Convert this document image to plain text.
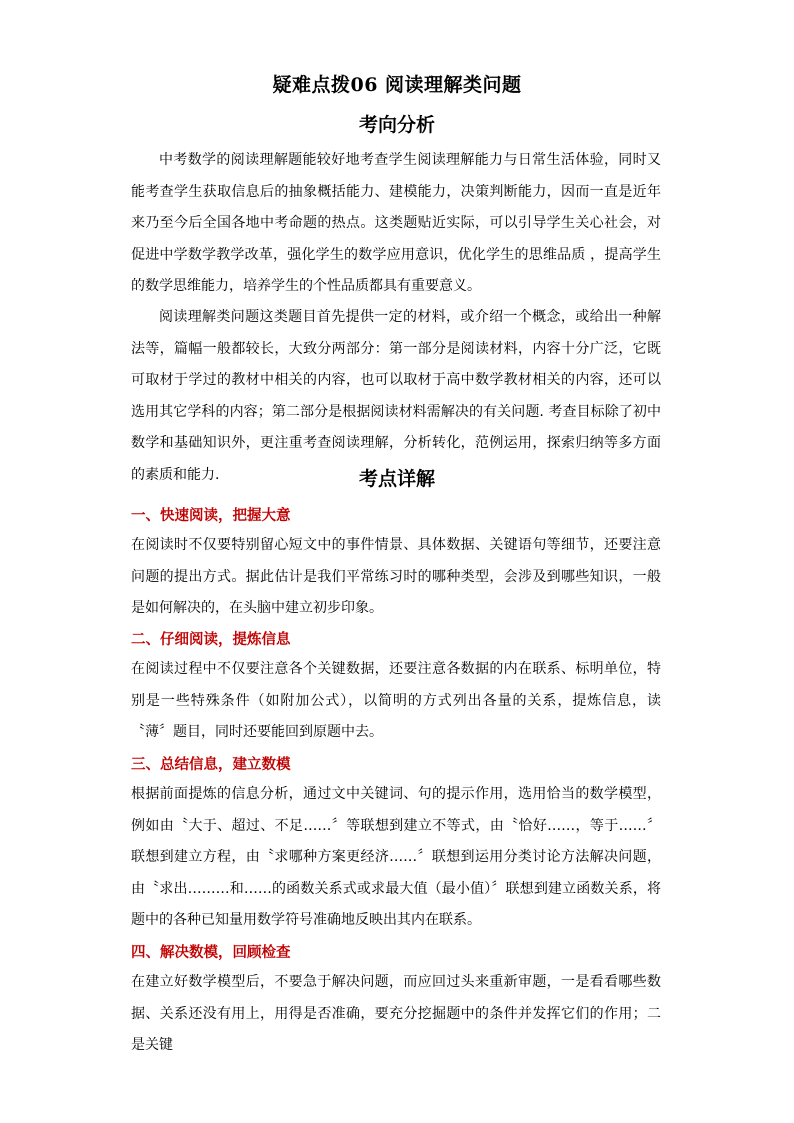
疑难点拨06 阅读理解类问题
考向分析

中考数学的阅读理解题能较好地考查学生阅读理解能力与日常生活体验，同时又能考查学生获取信息后的抽象概括能力、建模能力，决策判断能力，因而一直是近年来乃至今后全国各地中考命题的热点。这类题贴近实际，可以引导学生关心社会，对促进中学数学教学改革，强化学生的数学应用意识，优化学生的思维品质 ，提高学生的数学思维能力，培养学生的个性品质都具有重要意义。

阅读理解类问题这类题目首先提供一定的材料，或介绍一个概念，或给出一种解法等，篇幅一般都较长，大致分两部分：第一部分是阅读材料，内容十分广泛，它既可取材于学过的教材中相关的内容，也可以取材于高中数学教材相关的内容，还可以选用其它学科的内容；第二部分是根据阅读材料需解决的有关问题. 考查目标除了初中数学和基础知识外，更注重考查阅读理解，分析转化，范例运用，探索归纳等多方面的素质和能力.	考点详解
一、快速阅读，把握大意

在阅读时不仅要特别留心短文中的事件情景、具体数据、关键语句等细节，还要注意问题的提出方式。据此估计是我们平常练习时的哪种类型，会涉及到哪些知识，一般是如何解决的，在头脑中建立初步印象。

二、仔细阅读，提炼信息

在阅读过程中不仅要注意各个关键数据，还要注意各数据的内在联系、标明单位，特别是一些特殊条件（如附加公式），以简明的方式列出各量的关系，提炼信息，读〝薄〞题目，同时还要能回到原题中去。

三、总结信息，建立数模

根据前面提炼的信息分析，通过文中关键词、句的提示作用，选用恰当的数学模型，例如由〝大于、超过、不足……〞等联想到建立不等式，由〝恰好……，等于……〞联想到建立方程，由〝求哪种方案更经济……〞联想到运用分类讨论方法解决问题，由〝求出………和……的函数关系式或求最大值（最小值）〞联想到建立函数关系，将题中的各种已知量用数学符号准确地反映出其内在联系。

四、解决数模，回顾检查

在建立好数学模型后，不要急于解决问题，而应回过头来重新审题，一是看看哪些数据、关系还没有用上，用得是否准确，要充分挖掘题中的条件并发挥它们的作用；二是关键
